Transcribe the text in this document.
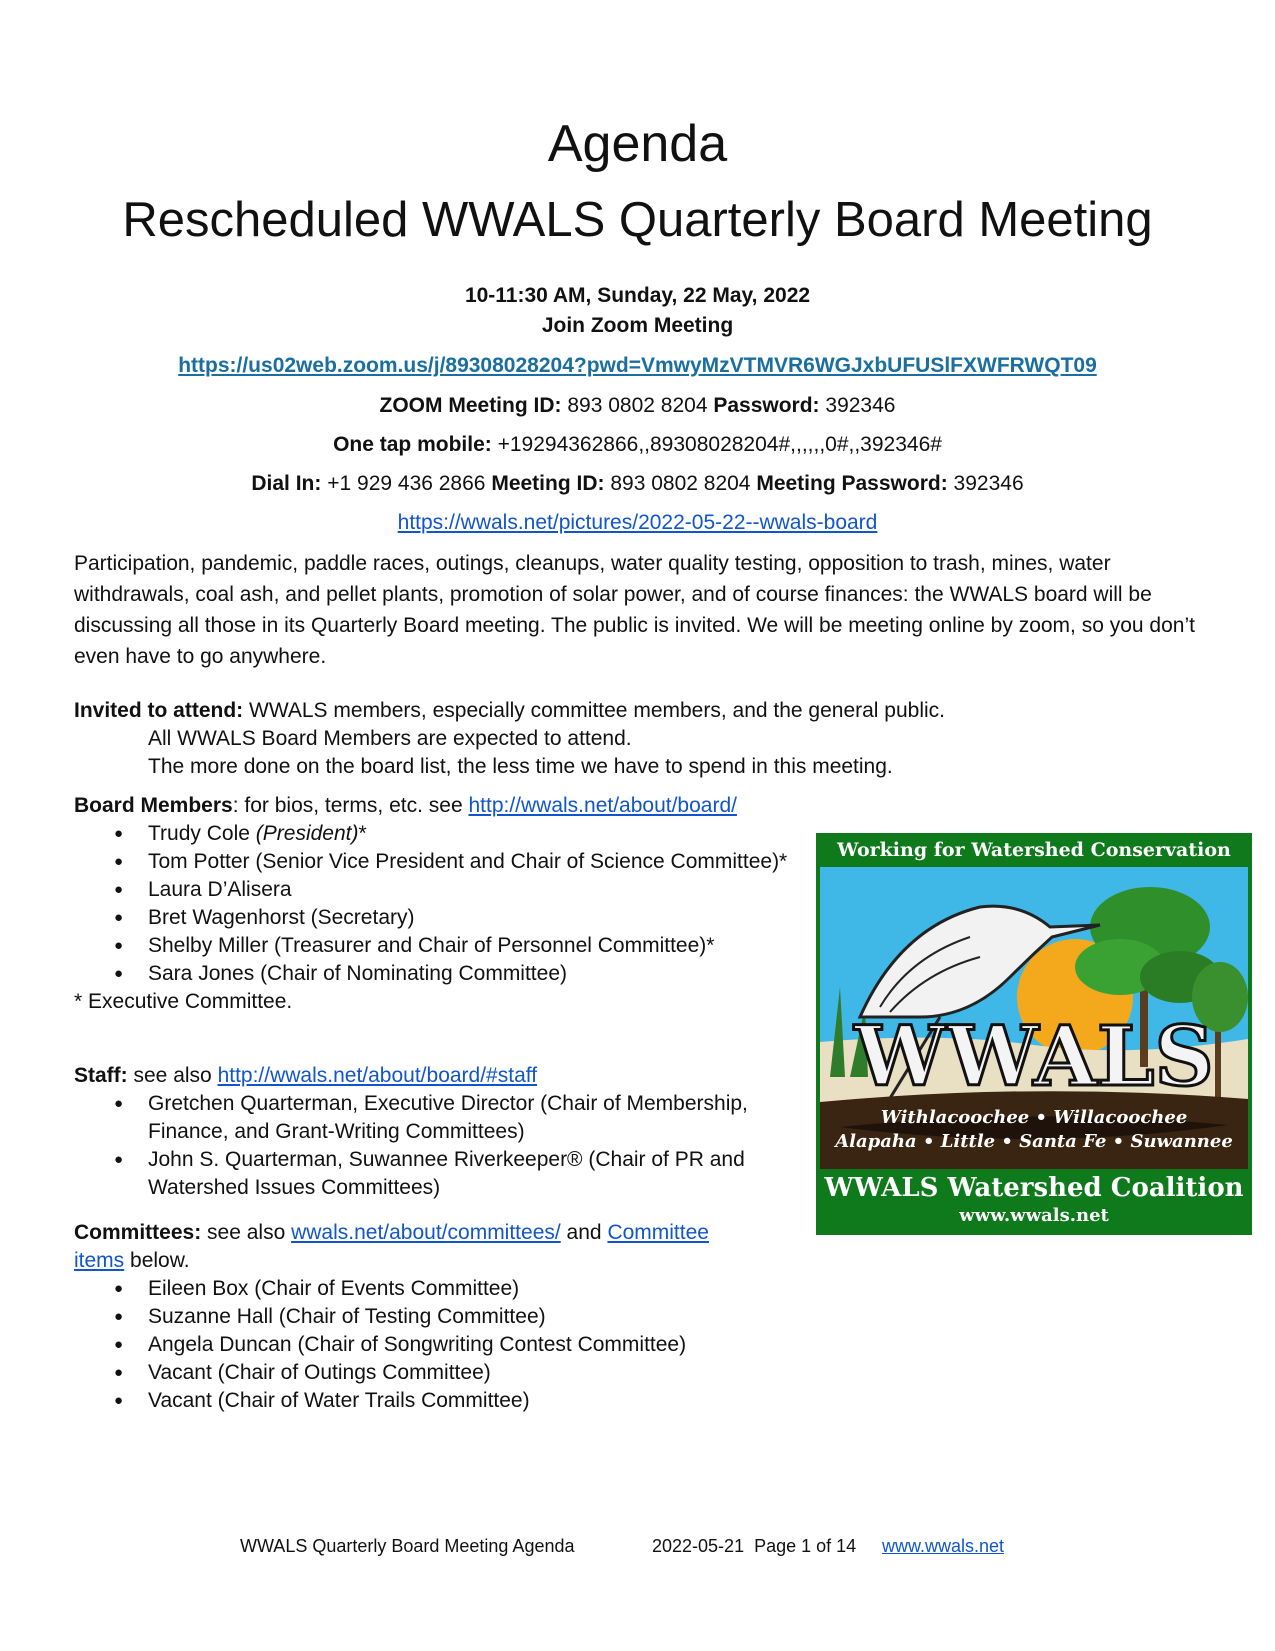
Agenda
Rescheduled WWALS Quarterly Board Meeting
10-11:30 AM, Sunday, 22 May, 2022
Join Zoom Meeting
https://us02web.zoom.us/j/89308028204?pwd=VmwyMzVTMVR6WGJxbUFUSlFXWFRWQT09
ZOOM Meeting ID: 893 0802 8204 Password: 392346
One tap mobile: +19294362866,,89308028204#,,,,,,0#,,392346#
Dial In: +1 929 436 2866 Meeting ID: 893 0802 8204 Meeting Password: 392346
https://wwals.net/pictures/2022-05-22--wwals-board
Participation, pandemic, paddle races, outings, cleanups, water quality testing, opposition to trash, mines, water withdrawals, coal ash, and pellet plants, promotion of solar power, and of course finances: the WWALS board will be discussing all those in its Quarterly Board meeting. The public is invited. We will be meeting online by zoom, so you don’t even have to go anywhere.
Invited to attend: WWALS members, especially committee members, and the general public.
All WWALS Board Members are expected to attend.
The more done on the board list, the less time we have to spend in this meeting.
Board Members: for bios, terms, etc. see http://wwals.net/about/board/
● Trudy Cole (President)*
● Tom Potter (Senior Vice President and Chair of Science Committee)*
● Laura D’Alisera
● Bret Wagenhorst (Secretary)
● Shelby Miller (Treasurer and Chair of Personnel Committee)*
● Sara Jones (Chair of Nominating Committee)
* Executive Committee.
Staff: see also http://wwals.net/about/board/#staff
● Gretchen Quarterman, Executive Director (Chair of Membership, Finance, and Grant-Writing Committees)
● John S. Quarterman, Suwannee Riverkeeper® (Chair of PR and Watershed Issues Committees)
Committees: see also wwals.net/about/committees/ and Committee
items below.
● Eileen Box (Chair of Events Committee)
● Suzanne Hall (Chair of Testing Committee)
● Angela Duncan (Chair of Songwriting Contest Committee)
● Vacant (Chair of Outings Committee)
● Vacant (Chair of Water Trails Committee)
Working for Watershed Conservation
WWALS
Withlacoochee • Willacoochee
Alapaha • Little • Santa Fe • Suwannee
WWALS Watershed Coalition
www.wwals.net
WWALS Quarterly Board Meeting Agenda	2022-05-21  Page 1 of 14 www.wwals.net
